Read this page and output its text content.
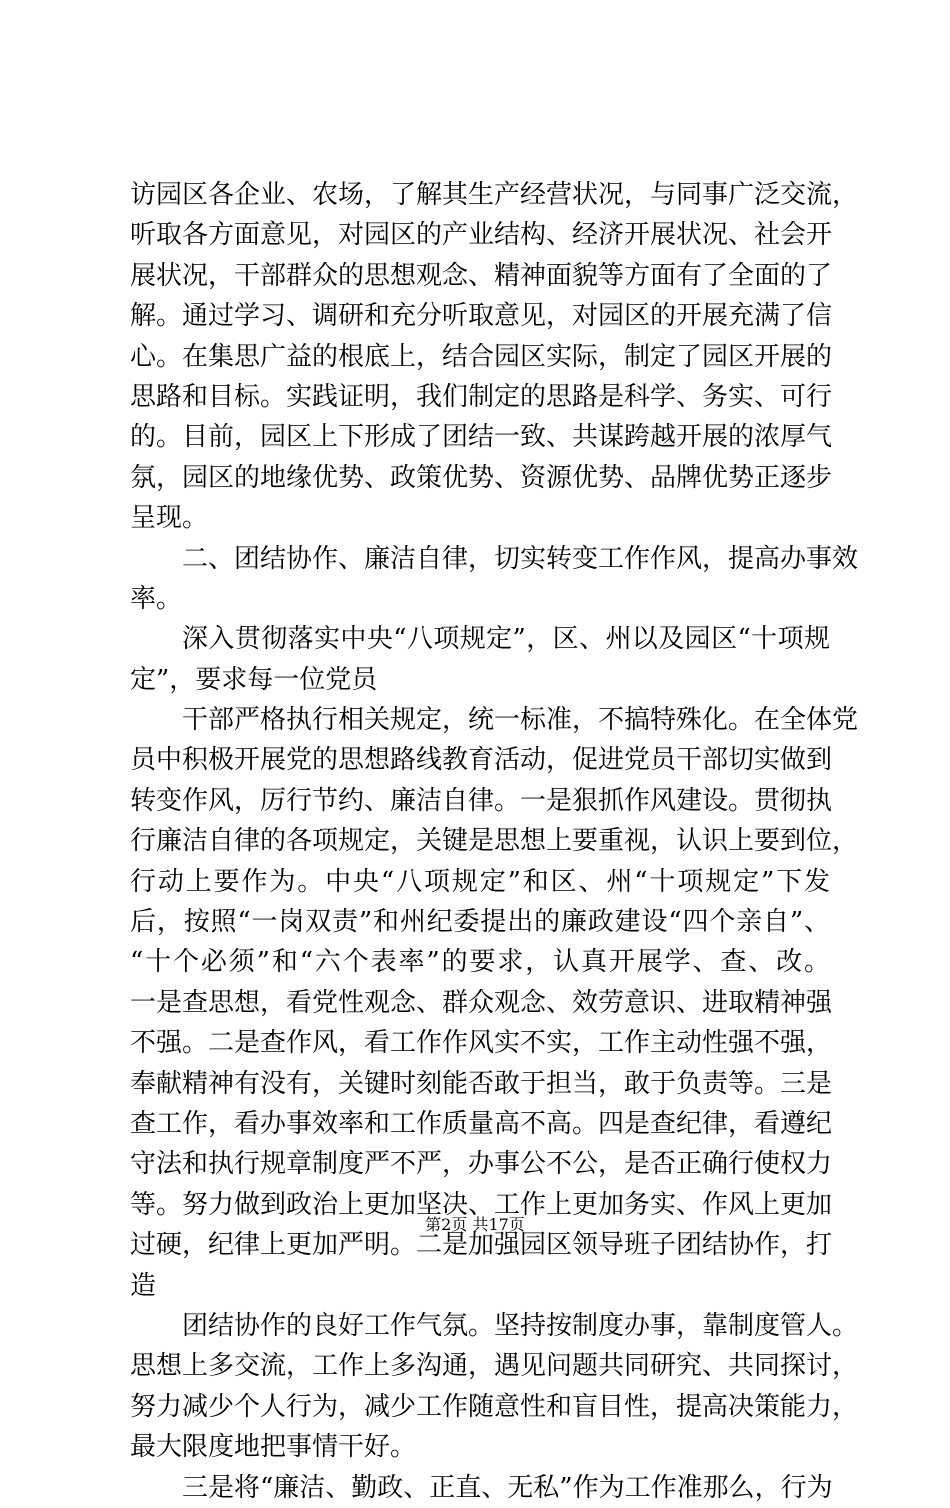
访园区各企业、农场，了解其生产经营状况，与同事广泛交流，
听取各方面意见，对园区的产业结构、经济开展状况、社会开
展状况，干部群众的思想观念、精神面貌等方面有了全面的了
解。通过学习、调研和充分听取意见，对园区的开展充满了信
心。在集思广益的根底上，结合园区实际，制定了园区开展的
思路和目标。实践证明，我们制定的思路是科学、务实、可行
的。目前，园区上下形成了团结一致、共谋跨越开展的浓厚气
氛，园区的地缘优势、政策优势、资源优势、品牌优势正逐步
呈现。
二、团结协作、廉洁自律，切实转变工作作风，提高办事效
率。
深入贯彻落实中央“八项规定”，区、州以及园区“十项规
定”，要求每一位党员
干部严格执行相关规定，统一标准，不搞特殊化。在全体党
员中积极开展党的思想路线教育活动，促进党员干部切实做到
转变作风，厉行节约、廉洁自律。一是狠抓作风建设。贯彻执
行廉洁自律的各项规定，关键是思想上要重视，认识上要到位，
行动上要作为。中央“八项规定”和区、州“十项规定”下发
后，按照“一岗双责”和州纪委提出的廉政建设“四个亲自”、
“十个必须”和“六个表率”的要求，认真开展学、查、改。
一是查思想，看党性观念、群众观念、效劳意识、进取精神强
不强。二是查作风，看工作作风实不实，工作主动性强不强，
奉献精神有没有，关键时刻能否敢于担当，敢于负责等。三是
查工作，看办事效率和工作质量高不高。四是查纪律，看遵纪
守法和执行规章制度严不严，办事公不公，是否正确行使权力
等。努力做到政治上更加坚决、工作上更加务实、作风上更加
过硬，纪律上更加严明。二是加强园区领导班子团结协作，打
造
团结协作的良好工作气氛。坚持按制度办事，靠制度管人。
思想上多交流，工作上多沟通，遇见问题共同研究、共同探讨，
努力减少个人行为，减少工作随意性和盲目性，提高决策能力，
最大限度地把事情干好。
三是将“廉洁、勤政、正直、无私”作为工作准那么，行为
第2页 共17页
